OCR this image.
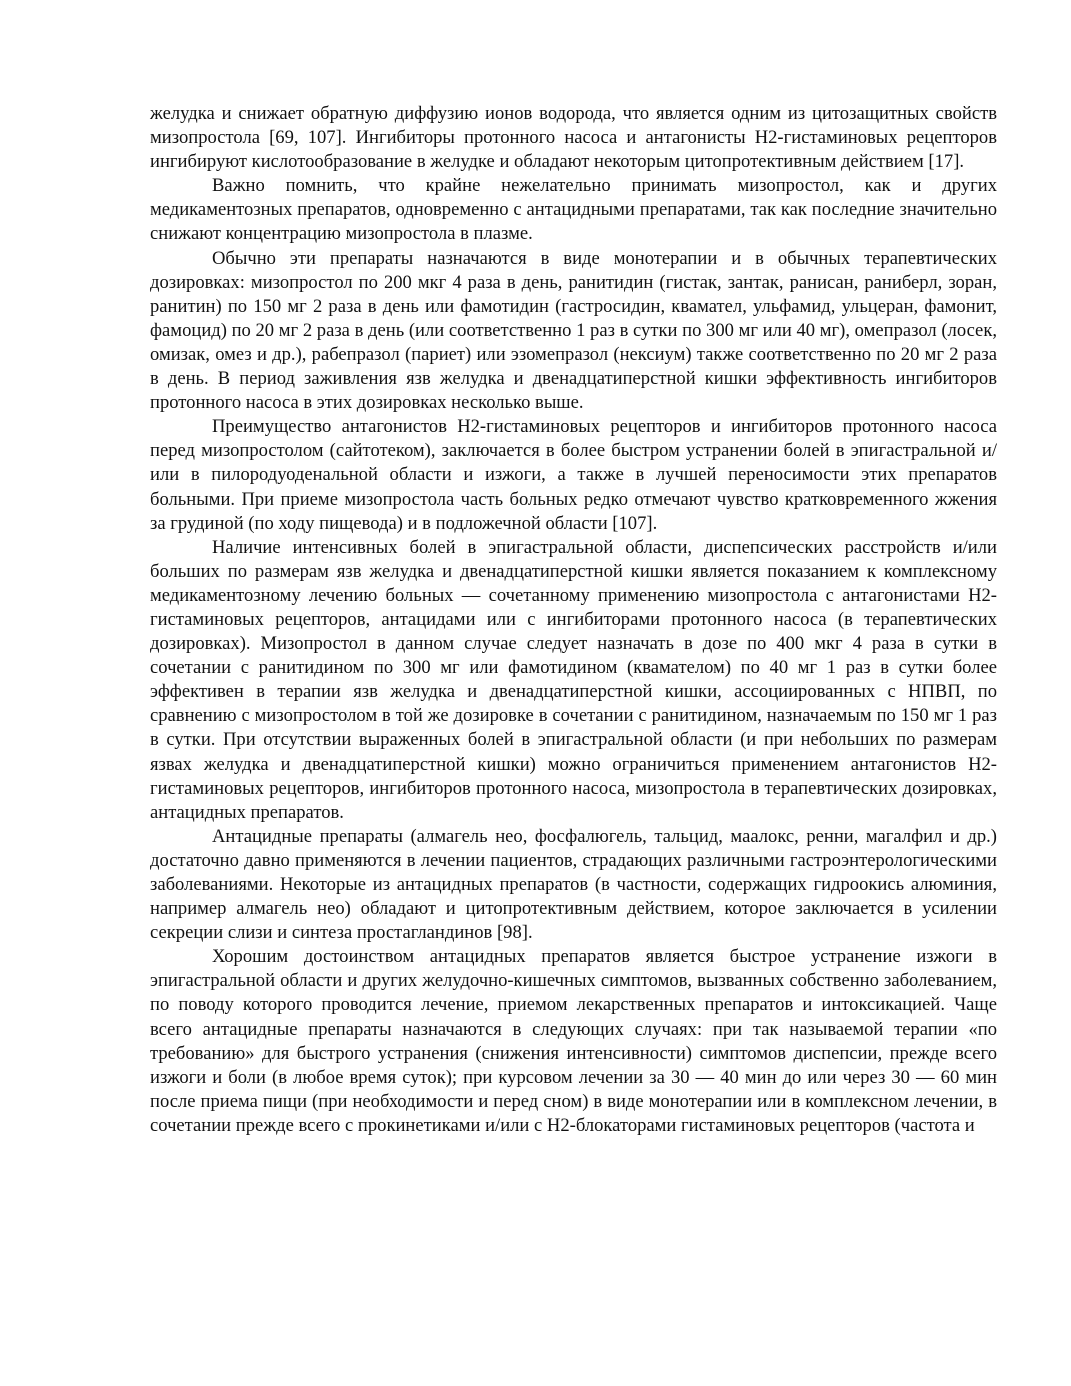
желудка и снижает обратную диффузию ионов водорода, что является одним из цитозащитных свойств мизопростола [69, 107]. Ингибиторы протонного насоса и антагонисты Н2-гистаминовых рецепторов ингибируют кислотообразование в желудке и обладают некоторым цитопротективным действием [17].

Важно помнить, что крайне нежелательно принимать мизопростол, как и других медикаментозных препаратов, одновременно с антацидными препаратами, так как последние значительно снижают концентрацию мизопростола в плазме.

Обычно эти препараты назначаются в виде монотерапии и в обычных терапевтических дозировках: мизопростол по 200 мкг 4 раза в день, ранитидин (гистак, зантак, ранисан, раниберл, зоран, ранитин) по 150 мг 2 раза в день или фамотидин (гастросидин, квамател, ульфамид, ульцеран, фамонит, фамоцид) по 20 мг 2 раза в день (или соответственно 1 раз в сутки по 300 мг или 40 мг), омепразол (лосек, омизак, омез и др.), рабепразол (париет) или эзомепразол (нексиум) также соответственно по 20 мг 2 раза в день. В период заживления язв желудка и двенадцатиперстной кишки эффективность ингибиторов протонного насоса в этих дозировках несколько выше.

Преимущество антагонистов Н2-гистаминовых рецепторов и ингибиторов протонного насоса перед мизопростолом (сайтотеком), заключается в более быстром устранении болей в эпигастральной и/или в пилородуоденальной области и изжоги, а также в лучшей переносимости этих препаратов больными. При приеме мизопростола часть больных редко отмечают чувство кратковременного жжения за грудиной (по ходу пищевода) и в подложечной области [107].

Наличие интенсивных болей в эпигастральной области, диспепсических расстройств и/или больших по размерам язв желудка и двенадцатиперстной кишки является показанием к комплексному медикаментозному лечению больных — сочетанному применению мизопростола с антагонистами Н2-гистаминовых рецепторов, антацидами или с ингибиторами протонного насоса (в терапевтических дозировках). Мизопростол в данном случае следует назначать в дозе по 400 мкг 4 раза в сутки в сочетании с ранитидином по 300 мг или фамотидином (квамателом) по 40 мг 1 раз в сутки более эффективен в терапии язв желудка и двенадцатиперстной кишки, ассоциированных с НПВП, по сравнению с мизопростолом в той же дозировке в сочетании с ранитидином, назначаемым по 150 мг 1 раз в сутки. При отсутствии выраженных болей в эпигастральной области (и при небольших по размерам язвах желудка и двенадцатиперстной кишки) можно ограничиться применением антагонистов Н2-гистаминовых рецепторов, ингибиторов протонного насоса, мизопростола в терапевтических дозировках, антацидных препаратов.

Антацидные препараты (алмагель нео, фосфалюгель, тальцид, маалокс, ренни, магалфил и др.) достаточно давно применяются в лечении пациентов, страдающих различными гастроэнтерологическими заболеваниями. Некоторые из антацидных препаратов (в частности, содержащих гидроокись алюминия, например алмагель нео) обладают и цитопротективным действием, которое заключается в усилении секреции слизи и синтеза простагландинов [98].

Хорошим достоинством антацидных препаратов является быстрое устранение изжоги в эпигастральной области и других желудочно-кишечных симптомов, вызванных собственно заболеванием, по поводу которого проводится лечение, приемом лекарственных препаратов и интоксикацией. Чаще всего антацидные препараты назначаются в следующих случаях: при так называемой терапии «по требованию» для быстрого устранения (снижения интенсивности) симптомов диспепсии, прежде всего изжоги и боли (в любое время суток); при курсовом лечении за 30 — 40 мин до или через 30 — 60 мин после приема пищи (при необходимости и перед сном) в виде монотерапии или в комплексном лечении, в сочетании прежде всего с прокинетиками и/или с Н2-блокаторами гистаминовых рецепторов (частота и
